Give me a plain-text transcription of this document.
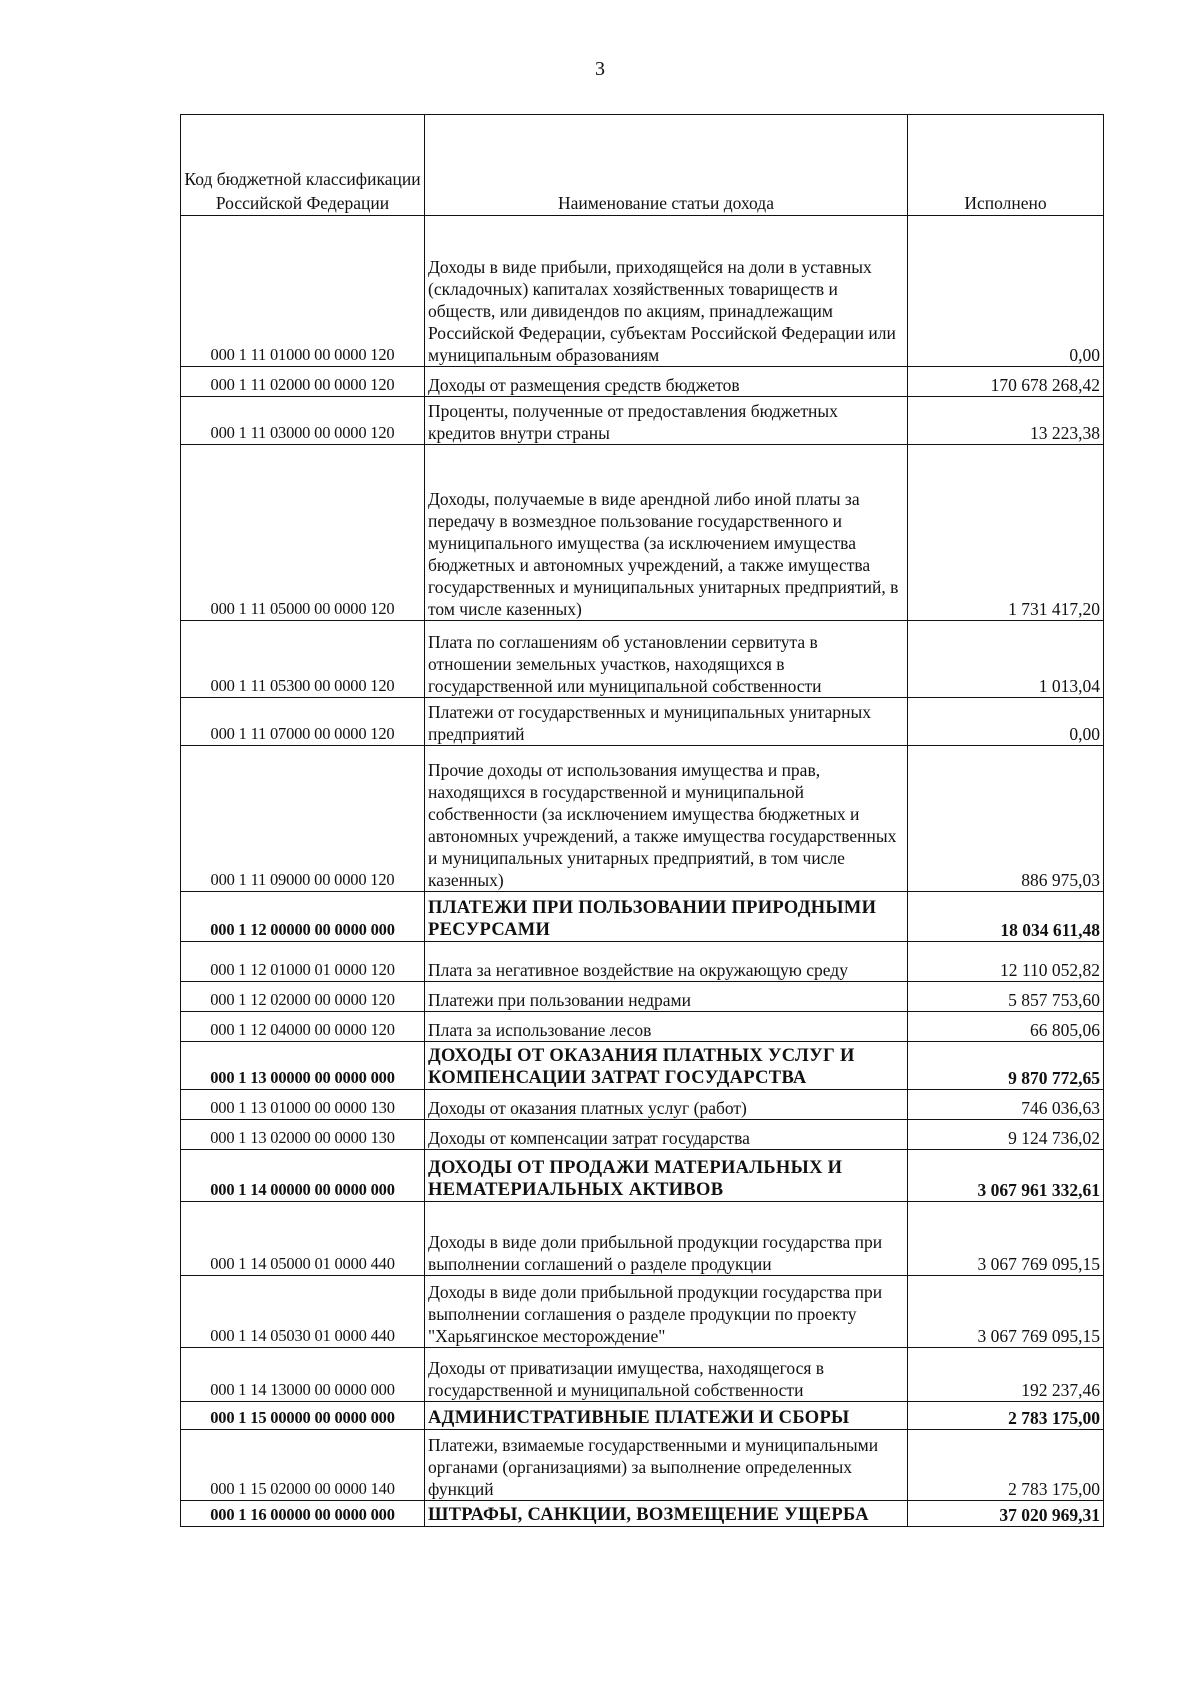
3
Код бюджетной классификации Российской Федерации	Наименование статьи дохода	Исполнено
000 1 11 01000 00 0000 120	Доходы в виде прибыли, приходящейся на доли в уставных (складочных) капиталах хозяйственных товариществ и обществ, или дивидендов по акциям, принадлежащим Российской Федерации, субъектам Российской Федерации или муниципальным образованиям	0,00
000 1 11 02000 00 0000 120	Доходы от размещения средств бюджетов	170 678 268,42
000 1 11 03000 00 0000 120	Проценты, полученные от предоставления бюджетных кредитов внутри страны	13 223,38
000 1 11 05000 00 0000 120	Доходы, получаемые в виде арендной либо иной платы за передачу в возмездное пользование государственного и муниципального имущества (за исключением имущества бюджетных и автономных учреждений, а также имущества государственных и муниципальных унитарных предприятий, в том числе казенных)	1 731 417,20
000 1 11 05300 00 0000 120	Плата по соглашениям об установлении сервитута в отношении земельных участков, находящихся в государственной или муниципальной собственности	1 013,04
000 1 11 07000 00 0000 120	Платежи от государственных и муниципальных унитарных предприятий	0,00
000 1 11 09000 00 0000 120	Прочие доходы от использования имущества и прав, находящихся в государственной и муниципальной собственности (за исключением имущества бюджетных и автономных учреждений, а также имущества государственных и муниципальных унитарных предприятий, в том числе казенных)	886 975,03
000 1 12 00000 00 0000 000	ПЛАТЕЖИ ПРИ ПОЛЬЗОВАНИИ ПРИРОДНЫМИ РЕСУРСАМИ	18 034 611,48
000 1 12 01000 01 0000 120	Плата за негативное воздействие на окружающую среду	12 110 052,82
000 1 12 02000 00 0000 120	Платежи при пользовании недрами	5 857 753,60
000 1 12 04000 00 0000 120	Плата за использование лесов	66 805,06
000 1 13 00000 00 0000 000	ДОХОДЫ ОТ ОКАЗАНИЯ ПЛАТНЫХ УСЛУГ И КОМПЕНСАЦИИ ЗАТРАТ ГОСУДАРСТВА	9 870 772,65
000 1 13 01000 00 0000 130	Доходы от оказания платных услуг (работ)	746 036,63
000 1 13 02000 00 0000 130	Доходы от компенсации затрат государства	9 124 736,02
000 1 14 00000 00 0000 000	ДОХОДЫ ОТ ПРОДАЖИ МАТЕРИАЛЬНЫХ И НЕМАТЕРИАЛЬНЫХ АКТИВОВ	3 067 961 332,61
000 1 14 05000 01 0000 440	Доходы в виде доли прибыльной продукции государства при выполнении соглашений о разделе продукции	3 067 769 095,15
000 1 14 05030 01 0000 440	Доходы в виде доли прибыльной продукции государства при выполнении соглашения о разделе продукции по проекту "Харьягинское месторождение"	3 067 769 095,15
000 1 14 13000 00 0000 000	Доходы от приватизации имущества, находящегося в государственной и муниципальной собственности	192 237,46
000 1 15 00000 00 0000 000	АДМИНИСТРАТИВНЫЕ ПЛАТЕЖИ И СБОРЫ	2 783 175,00
000 1 15 02000 00 0000 140	Платежи, взимаемые государственными и муниципальными органами (организациями) за выполнение определенных функций	2 783 175,00
000 1 16 00000 00 0000 000	ШТРАФЫ, САНКЦИИ, ВОЗМЕЩЕНИЕ УЩЕРБА	37 020 969,31
